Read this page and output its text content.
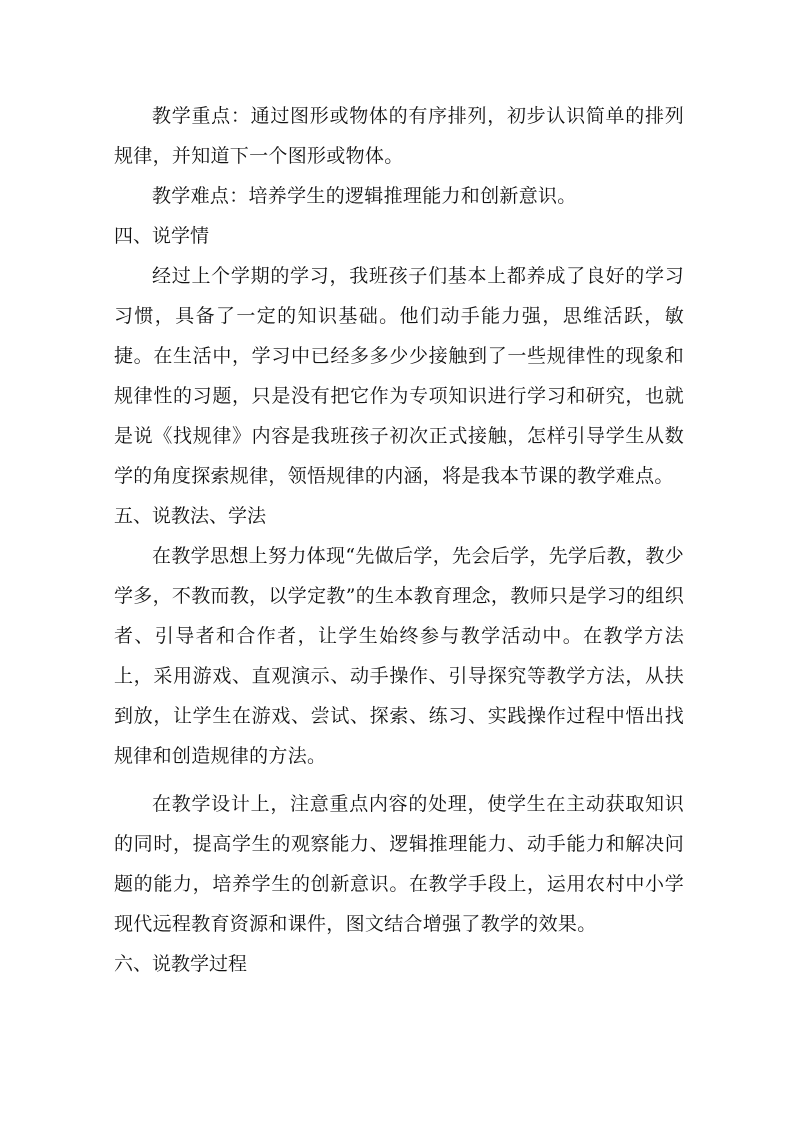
教学重点：通过图形或物体的有序排列，初步认识简单的排列规律，并知道下一个图形或物体。

教学难点：培养学生的逻辑推理能力和创新意识。

四、说学情

经过上个学期的学习，我班孩子们基本上都养成了良好的学习习惯，具备了一定的知识基础。他们动手能力强，思维活跃，敏捷。在生活中，学习中已经多多少少接触到了一些规律性的现象和规律性的习题，只是没有把它作为专项知识进行学习和研究，也就是说《找规律》内容是我班孩子初次正式接触，怎样引导学生从数学的角度探索规律，领悟规律的内涵，将是我本节课的教学难点。

五、说教法、学法

在教学思想上努力体现“先做后学，先会后学，先学后教，教少学多，不教而教，以学定教”的生本教育理念，教师只是学习的组织者、引导者和合作者，让学生始终参与教学活动中。在教学方法上，采用游戏、直观演示、动手操作、引导探究等教学方法，从扶到放，让学生在游戏、尝试、探索、练习、实践操作过程中悟出找规律和创造规律的方法。

在教学设计上，注意重点内容的处理，使学生在主动获取知识的同时，提高学生的观察能力、逻辑推理能力、动手能力和解决问题的能力，培养学生的创新意识。在教学手段上，运用农村中小学现代远程教育资源和课件，图文结合增强了教学的效果。

六、说教学过程
